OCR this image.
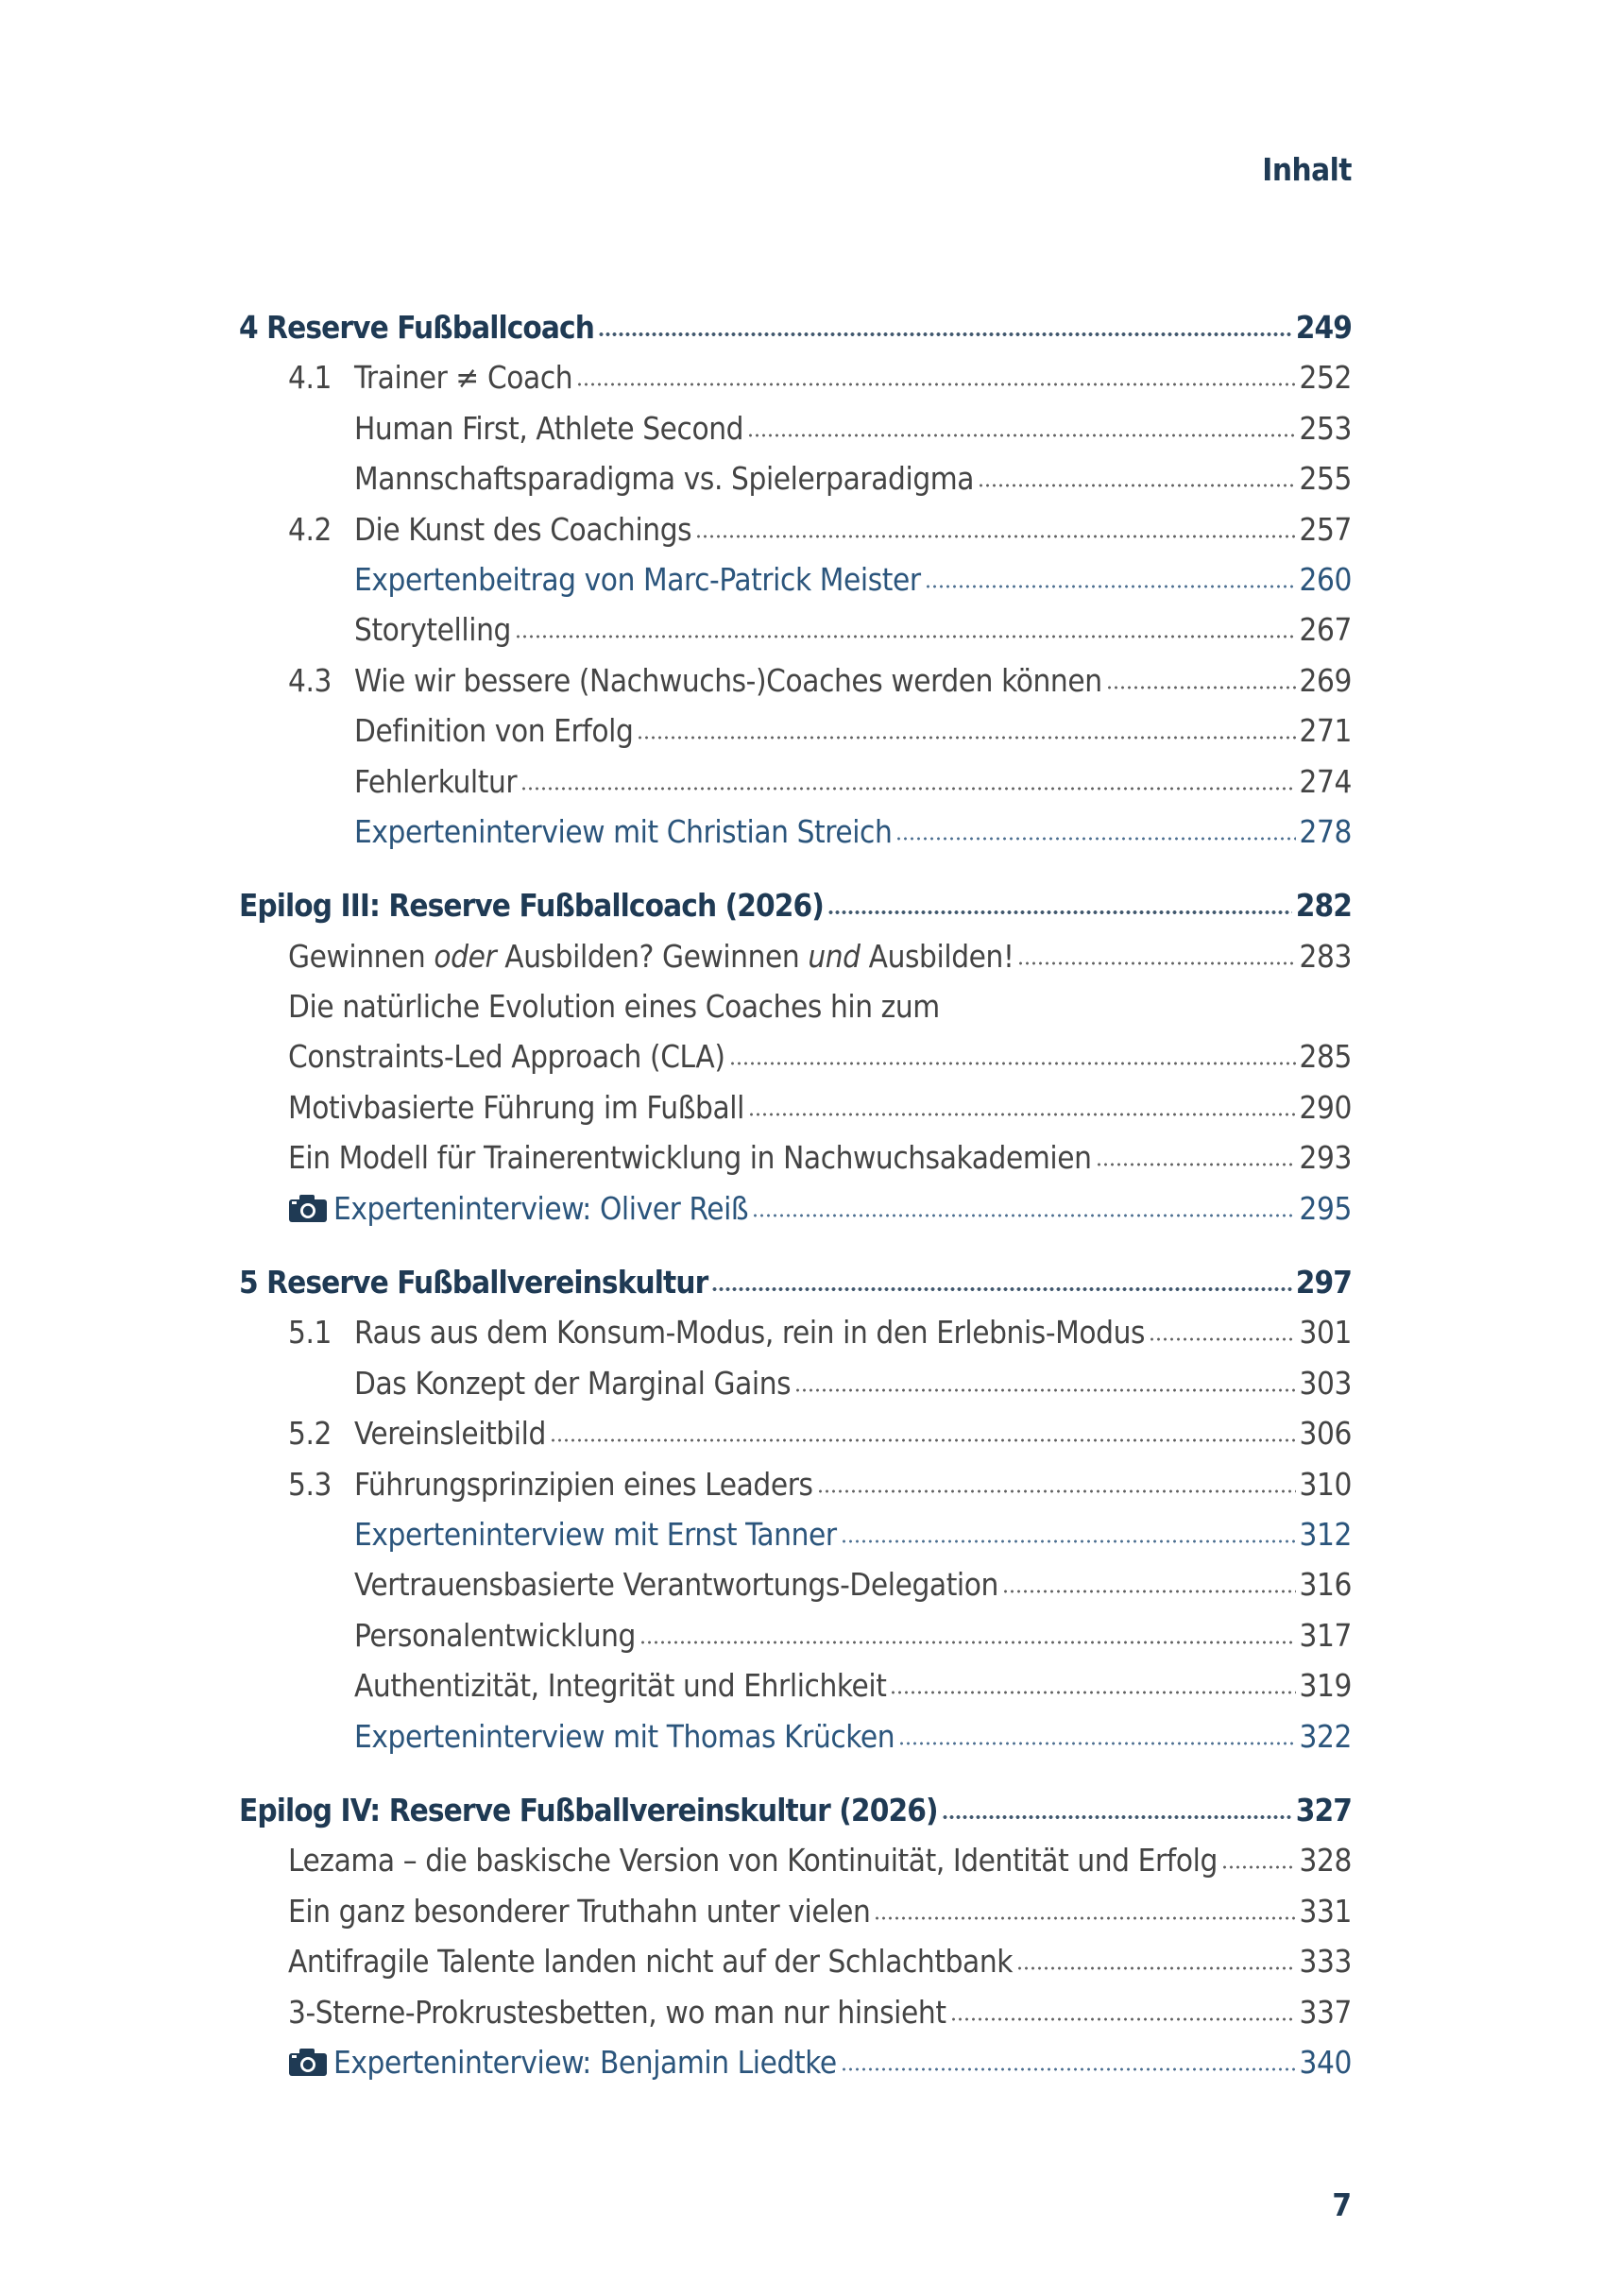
Inhalt
4 Reserve Fußballcoach	249
4.1 Trainer ≠ Coach	252
Human First, Athlete Second	253
Mannschaftsparadigma vs. Spielerparadigma	255
4.2 Die Kunst des Coachings	257
Expertenbeitrag von Marc-Patrick Meister	260
Storytelling	267
4.3 Wie wir bessere (Nachwuchs-)Coaches werden können	269
Definition von Erfolg	271
Fehlerkultur	274
Experteninterview mit Christian Streich	278
Epilog III: Reserve Fußballcoach (2026)	282
Gewinnen oder Ausbilden? Gewinnen und Ausbilden!	283
Die natürliche Evolution eines Coaches hin zum
Constraints-Led Approach (CLA)	285
Motivbasierte Führung im Fußball	290
Ein Modell für Trainerentwicklung in Nachwuchsakademien	293
Experteninterview: Oliver Reiß	295
5 Reserve Fußballvereinskultur	297
5.1 Raus aus dem Konsum-Modus, rein in den Erlebnis-Modus	301
Das Konzept der Marginal Gains	303
5.2 Vereinsleitbild	306
5.3 Führungsprinzipien eines Leaders	310
Experteninterview mit Ernst Tanner	312
Vertrauensbasierte Verantwortungs-Delegation	316
Personalentwicklung	317
Authentizität, Integrität und Ehrlichkeit	319
Experteninterview mit Thomas Krücken	322
Epilog IV: Reserve Fußballvereinskultur (2026)	327
Lezama – die baskische Version von Kontinuität, Identität und Erfolg	328
Ein ganz besonderer Truthahn unter vielen	331
Antifragile Talente landen nicht auf der Schlachtbank	333
3-Sterne-Prokrustesbetten, wo man nur hinsieht	337
Experteninterview: Benjamin Liedtke	340
7
